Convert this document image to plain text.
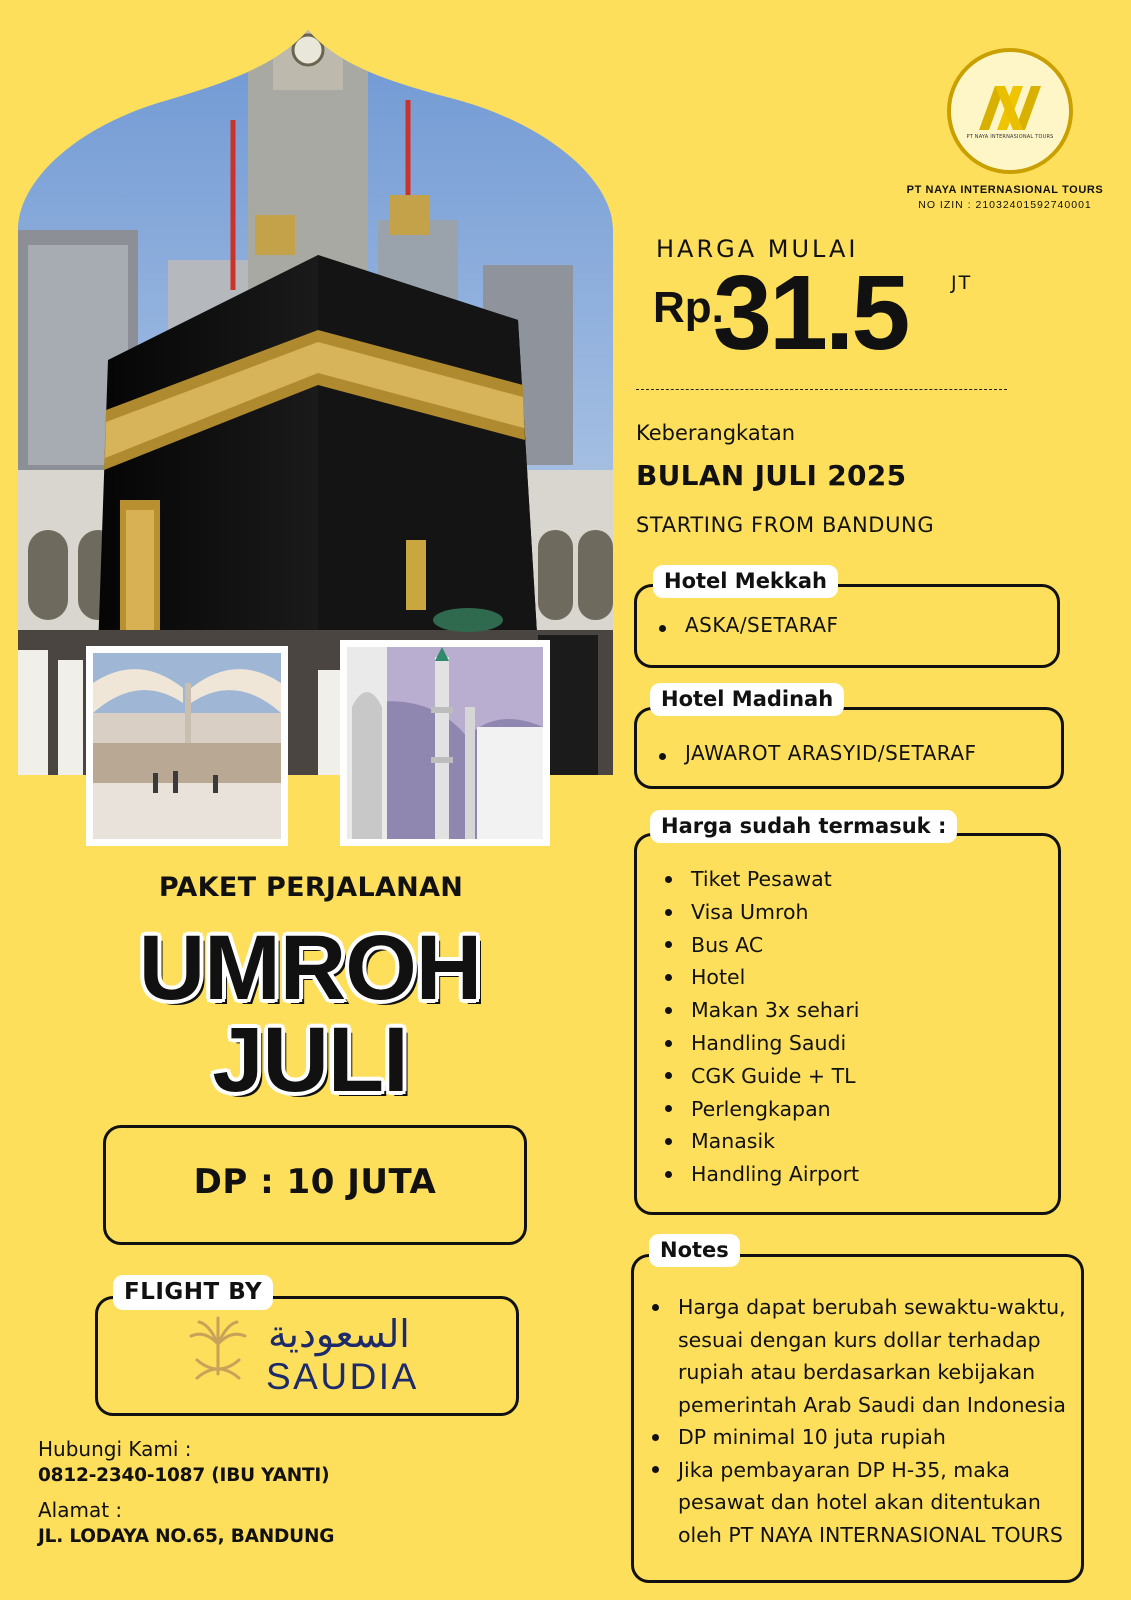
PT NAYA INTERNASIONAL TOURS
PT NAYA INTERNASIONAL TOURS
NO IZIN : 21032401592740001
HARGA MULAI
Rp.
31.5 JT
Keberangkatan
BULAN JULI 2025
STARTING FROM BANDUNG
ASKA/SETARAF
Hotel Mekkah
JAWAROT ARASYID/SETARAF
Hotel Madinah
Tiket Pesawat
Visa Umroh
Bus AC
Hotel
Makan 3x sehari
Handling Saudi
CGK Guide + TL
Perlengkapan
Manasik
Handling Airport
Harga sudah termasuk :
Harga dapat berubah sewaktu-waktu, sesuai dengan kurs dollar terhadap rupiah atau berdasarkan kebijakan pemerintah Arab Saudi dan Indonesia
DP minimal 10 juta rupiah
Jika pembayaran DP H-35, maka pesawat dan hotel akan ditentukan oleh PT NAYA INTERNASIONAL TOURS
Notes
PAKET PERJALANAN
UMROH
JULI
DP : 10 JUTA
FLIGHT BY
السعودية
SAUDIA
Hubungi Kami :
0812-2340-1087 (IBU YANTI)
Alamat :
JL. LODAYA NO.65, BANDUNG
